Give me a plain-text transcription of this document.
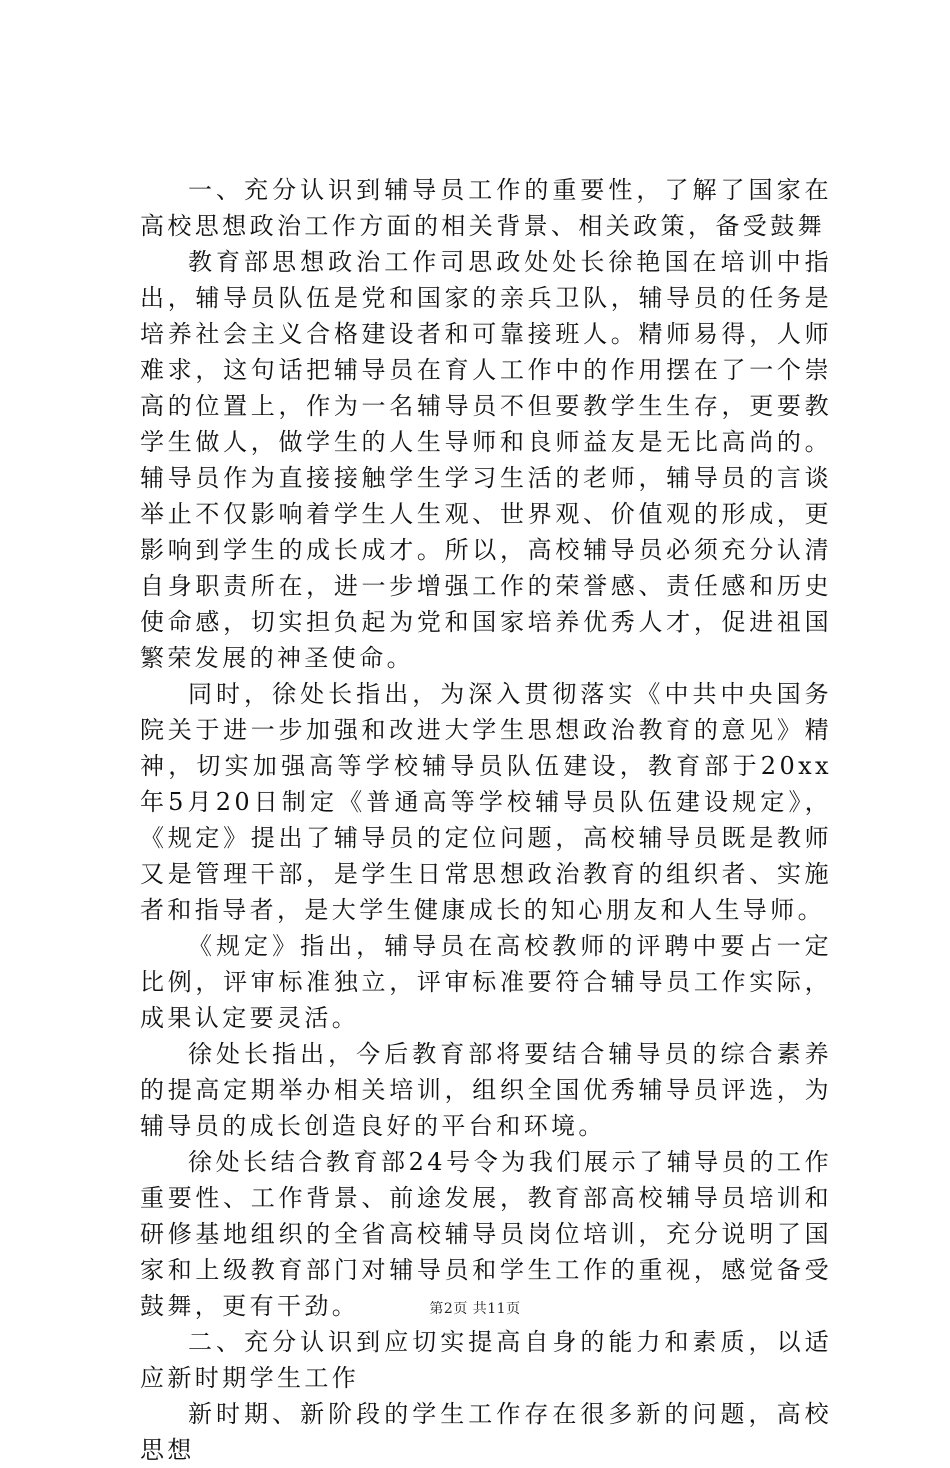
一、充分认识到辅导员工作的重要性，了解了国家在高校思想政治工作方面的相关背景、相关政策，备受鼓舞

教育部思想政治工作司思政处处长徐艳国在培训中指出，辅导员队伍是党和国家的亲兵卫队，辅导员的任务是培养社会主义合格建设者和可靠接班人。精师易得，人师难求，这句话把辅导员在育人工作中的作用摆在了一个崇高的位置上，作为一名辅导员不但要教学生生存，更要教学生做人，做学生的人生导师和良师益友是无比高尚的。辅导员作为直接接触学生学习生活的老师，辅导员的言谈举止不仅影响着学生人生观、世界观、价值观的形成，更影响到学生的成长成才。所以，高校辅导员必须充分认清自身职责所在，进一步增强工作的荣誉感、责任感和历史使命感，切实担负起为党和国家培养优秀人才，促进祖国繁荣发展的神圣使命。

同时，徐处长指出，为深入贯彻落实《中共中央国务院关于进一步加强和改进大学生思想政治教育的意见》精神，切实加强高等学校辅导员队伍建设，教育部于20xx年5月20日制定《普通高等学校辅导员队伍建设规定》，《规定》提出了辅导员的定位问题，高校辅导员既是教师又是管理干部，是学生日常思想政治教育的组织者、实施者和指导者，是大学生健康成长的知心朋友和人生导师。

《规定》指出，辅导员在高校教师的评聘中要占一定比例，评审标准独立，评审标准要符合辅导员工作实际，成果认定要灵活。

徐处长指出，今后教育部将要结合辅导员的综合素养的提高定期举办相关培训，组织全国优秀辅导员评选，为辅导员的成长创造良好的平台和环境。

徐处长结合教育部24号令为我们展示了辅导员的工作重要性、工作背景、前途发展，教育部高校辅导员培训和研修基地组织的全省高校辅导员岗位培训，充分说明了国家和上级教育部门对辅导员和学生工作的重视，感觉备受鼓舞，更有干劲。

二、充分认识到应切实提高自身的能力和素质，以适应新时期学生工作

新时期、新阶段的学生工作存在很多新的问题，高校思想

第2页 共11页
